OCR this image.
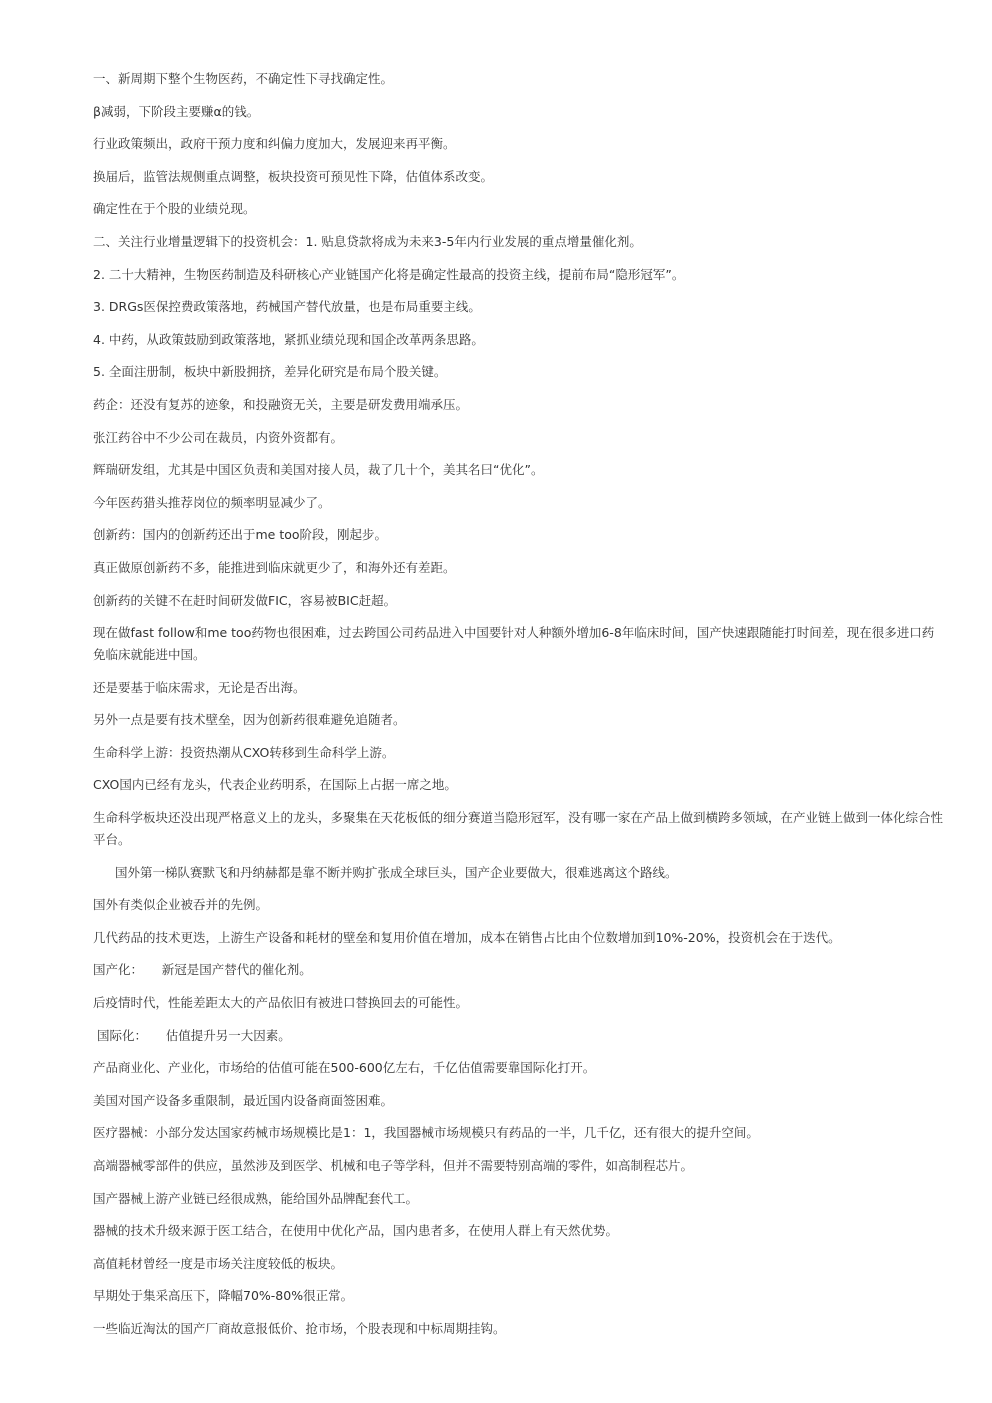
一、新周期下整个生物医药，不确定性下寻找确定性。

β减弱，下阶段主要赚α的钱。

行业政策频出，政府干预力度和纠偏力度加大，发展迎来再平衡。

换届后，监管法规侧重点调整，板块投资可预见性下降，估值体系改变。

确定性在于个股的业绩兑现。

二、关注行业增量逻辑下的投资机会：1. 贴息贷款将成为未来3-5年内行业发展的重点增量催化剂。

2. 二十大精神，生物医药制造及科研核心产业链国产化将是确定性最高的投资主线，提前布局“隐形冠军”。

3. DRGs医保控费政策落地，药械国产替代放量，也是布局重要主线。

4. 中药，从政策鼓励到政策落地，紧抓业绩兑现和国企改革两条思路。

5. 全面注册制，板块中新股拥挤，差异化研究是布局个股关键。

药企：还没有复苏的迹象，和投融资无关，主要是研发费用端承压。

张江药谷中不少公司在裁员，内资外资都有。

辉瑞研发组，尤其是中国区负责和美国对接人员，裁了几十个，美其名曰“优化”。

今年医药猎头推荐岗位的频率明显减少了。

创新药：国内的创新药还出于me too阶段，刚起步。

真正做原创新药不多，能推进到临床就更少了，和海外还有差距。

创新药的关键不在赶时间研发做FIC，容易被BIC赶超。

现在做fast follow和me too药物也很困难，过去跨国公司药品进入中国要针对人种额外增加6-8年临床时间，国产快速跟随能打时间差，现在很多进口药免临床就能进中国。

还是要基于临床需求，无论是否出海。

另外一点是要有技术壁垒，因为创新药很难避免追随者。

生命科学上游：投资热潮从CXO转移到生命科学上游。

CXO国内已经有龙头，代表企业药明系，在国际上占据一席之地。

生命科学板块还没出现严格意义上的龙头，多聚集在天花板低的细分赛道当隐形冠军，没有哪一家在产品上做到横跨多领域，在产业链上做到一体化综合性平台。

国外第一梯队赛默飞和丹纳赫都是靠不断并购扩张成全球巨头，国产企业要做大，很难逃离这个路线。

国外有类似企业被吞并的先例。

几代药品的技术更迭，上游生产设备和耗材的壁垒和复用价值在增加，成本在销售占比由个位数增加到10%-20%，投资机会在于迭代。

国产化：　　新冠是国产替代的催化剂。

后疫情时代，性能差距太大的产品依旧有被进口替换回去的可能性。

国际化：　　估值提升另一大因素。

产品商业化、产业化，市场给的估值可能在500-600亿左右，千亿估值需要靠国际化打开。

美国对国产设备多重限制，最近国内设备商面签困难。

医疗器械：小部分发达国家药械市场规模比是1：1，我国器械市场规模只有药品的一半，几千亿，还有很大的提升空间。

高端器械零部件的供应，虽然涉及到医学、机械和电子等学科，但并不需要特别高端的零件，如高制程芯片。

国产器械上游产业链已经很成熟，能给国外品牌配套代工。

器械的技术升级来源于医工结合，在使用中优化产品，国内患者多，在使用人群上有天然优势。

高值耗材曾经一度是市场关注度较低的板块。

早期处于集采高压下，降幅70%-80%很正常。

一些临近淘汰的国产厂商故意报低价、抢市场，个股表现和中标周期挂钩。
